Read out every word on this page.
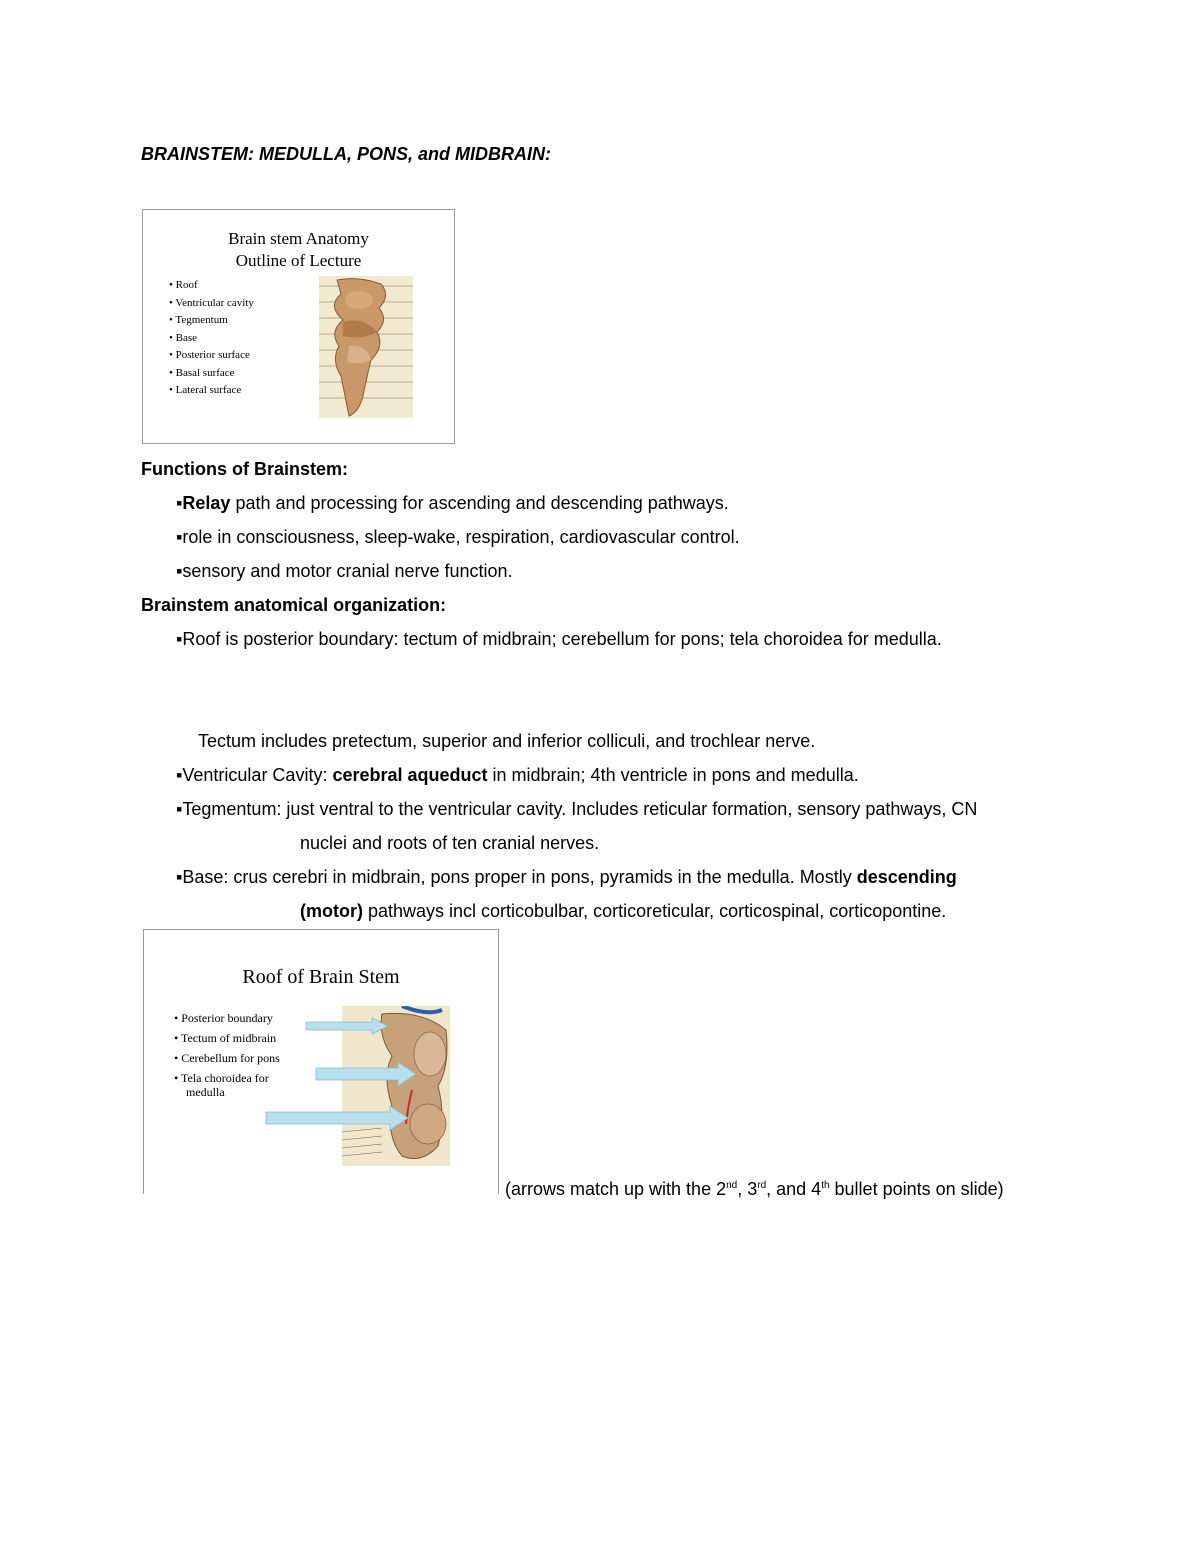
BRAINSTEM: MEDULLA, PONS, and MIDBRAIN:
Brain stem Anatomy
Outline of Lecture
• Roof
• Ventricular cavity
• Tegmentum
• Base
• Posterior surface
• Basal surface
• Lateral surface
Functions of Brainstem:
▪Relay path and processing for ascending and descending pathways.
▪role in consciousness, sleep-wake, respiration, cardiovascular control.
▪sensory and motor cranial nerve function.
Brainstem anatomical organization:
▪Roof is posterior boundary: tectum of midbrain; cerebellum for pons; tela choroidea for medulla.
Tectum includes pretectum, superior and inferior colliculi, and trochlear nerve.
▪Ventricular Cavity: cerebral aqueduct in midbrain; 4th ventricle in pons and medulla.
▪Tegmentum: just ventral to the ventricular cavity. Includes reticular formation, sensory pathways, CN
nuclei and roots of ten cranial nerves.
▪Base: crus cerebri in midbrain, pons proper in pons, pyramids in the medulla. Mostly descending
(motor) pathways incl corticobulbar, corticoreticular, corticospinal, corticopontine.
Roof of Brain Stem
• Posterior boundary
• Tectum of midbrain
• Cerebellum for pons
• Tela choroidea for
medulla
(arrows match up with the 2nd, 3rd, and 4th bullet points on slide)
